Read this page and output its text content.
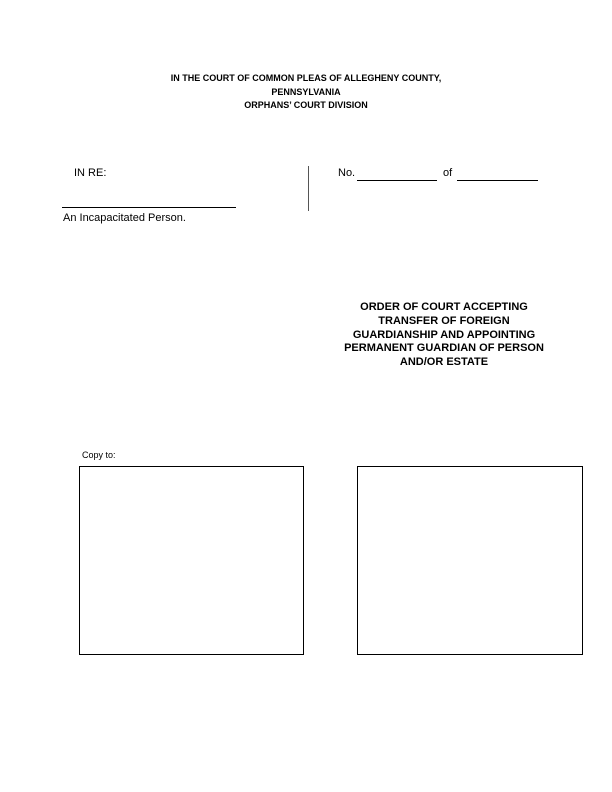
IN THE COURT OF COMMON PLEAS OF ALLEGHENY COUNTY,
PENNSYLVANIA
ORPHANS’ COURT DIVISION
IN RE:
An Incapacitated Person.
No.	of
ORDER OF COURT ACCEPTING
TRANSFER OF FOREIGN
GUARDIANSHIP AND APPOINTING
PERMANENT GUARDIAN OF PERSON
AND/OR ESTATE
Copy to:
